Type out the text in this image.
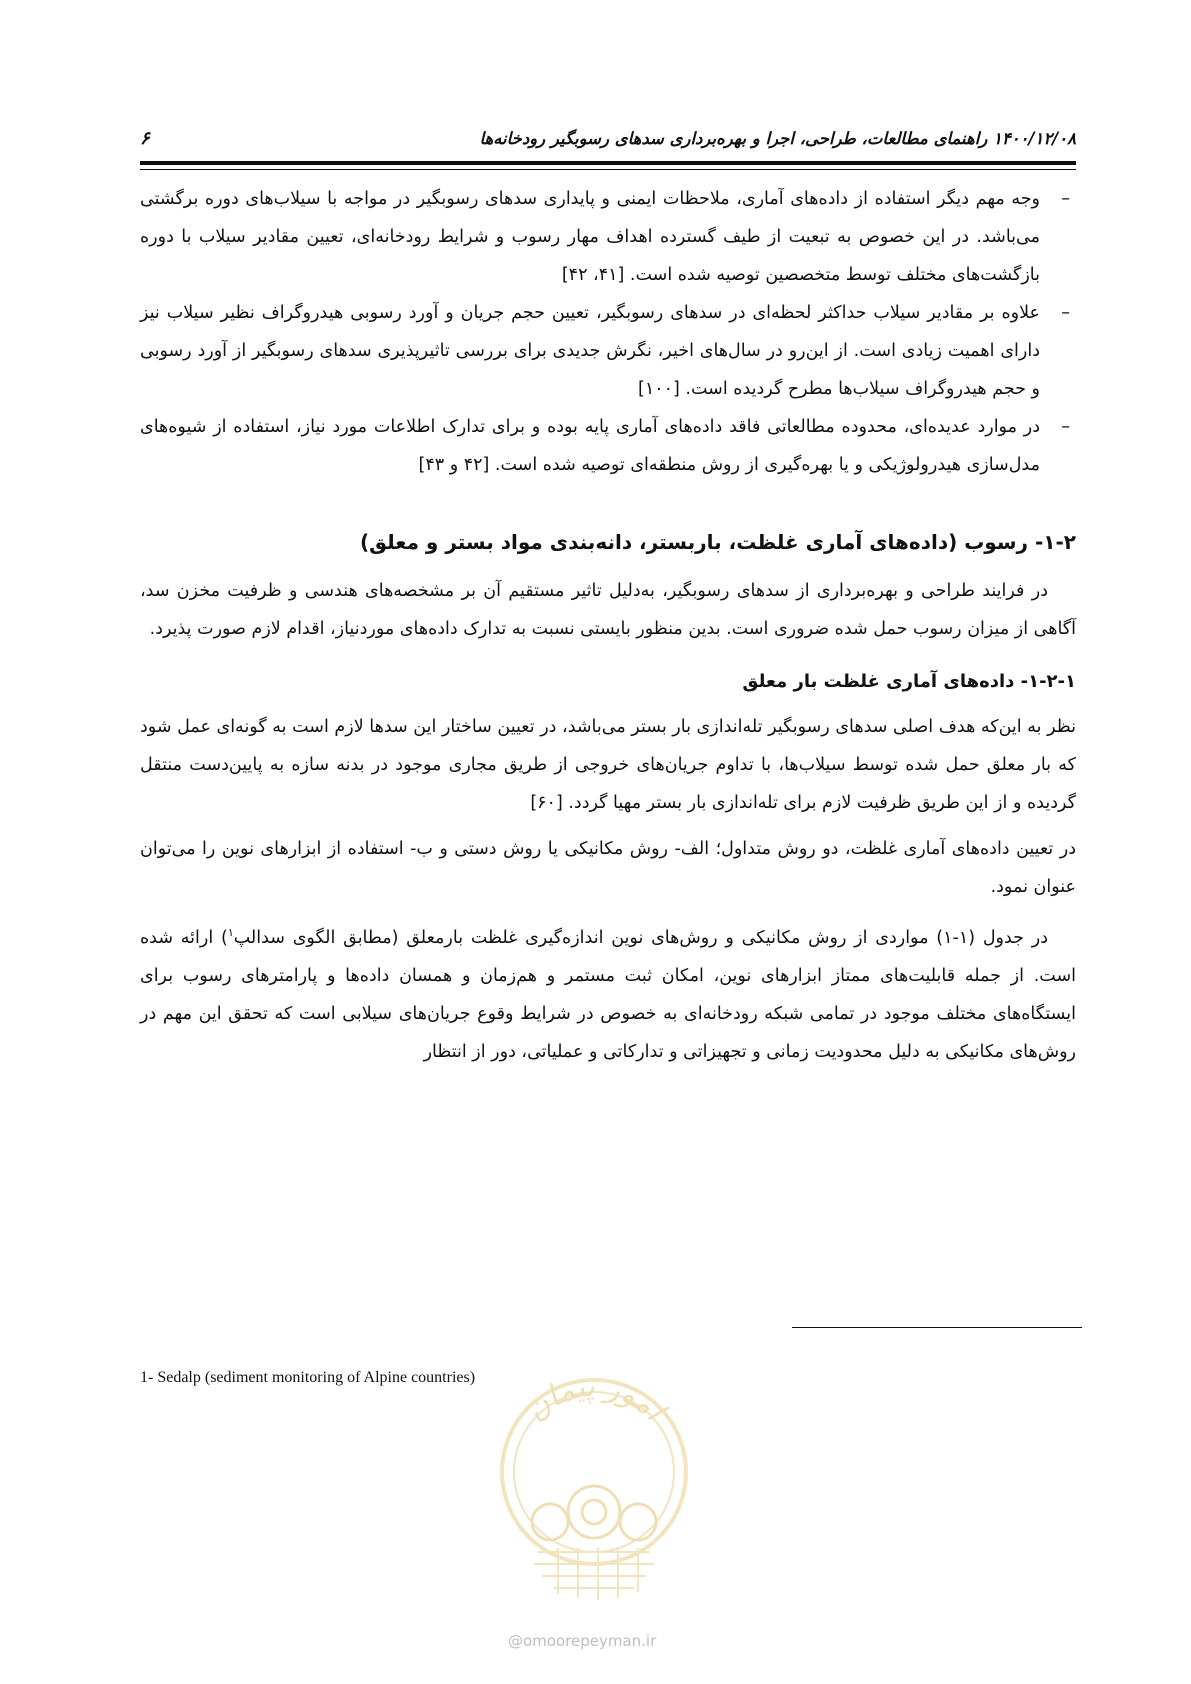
۶	۱۴۰۰/۱۲/۰۸ راهنمای مطالعات، طراحی، اجرا و بهره‌برداری سدهای رسوبگیر رودخانه‌ها
–
وجه مهم دیگر استفاده از داده‌های آماری، ملاحظات ایمنی و پایداری سدهای رسوبگیر در مواجه با سیلاب‌های دوره برگشتی می‌باشد. در این خصوص به تبعیت از طیف گسترده اهداف مهار رسوب و شرایط رودخانه‌ای، تعیین مقادیر سیلاب با دوره بازگشت‌های مختلف توسط متخصصین توصیه شده است. [۴۱، ۴۲]
–
علاوه بر مقادیر سیلاب حداکثر لحظه‌ای در سدهای رسوبگیر، تعیین حجم جریان و آورد رسوبی هیدروگراف نظیر سیلاب نیز دارای اهمیت زیادی است. از این‌رو در سال‌های اخیر، نگرش جدیدی برای بررسی تاثیرپذیری سدهای رسوبگیر از آورد رسوبی و حجم هیدروگراف سیلاب‌ها مطرح گردیده است. [۱۰۰]
–
در موارد عدیده‌ای، محدوده مطالعاتی فاقد داده‌های آماری پایه بوده و برای تدارک اطلاعات مورد نیاز، استفاده از شیوه‌های مدل‌سازی هیدرولوژیکی و یا بهره‌گیری از روش منطقه‌ای توصیه شده است. [۴۲ و ۴۳]
۱-۲- رسوب (داده‌های آماری غلظت، باربستر، دانه‌بندی مواد بستر و معلق)

در فرایند طراحی و بهره‌برداری از سدهای رسوبگیر، به‌دلیل تاثیر مستقیم آن بر مشخصه‌های هندسی و ظرفیت مخزن سد، آگاهی از میزان رسوب حمل شده ضروری است. بدین منظور بایستی نسبت به تدارک داده‌های موردنیاز، اقدام لازم صورت پذیرد.

۱-۲-۱- داده‌های آماری غلظت بار معلق

نظر به این‌که هدف اصلی سدهای رسوبگیر تله‌اندازی بار بستر می‌باشد، در تعیین ساختار این سدها لازم است به گونه‌ای عمل شود که بار معلق حمل شده توسط سیلاب‌ها، با تداوم جریان‌های خروجی از طریق مجاری موجود در بدنه سازه به پایین‌دست منتقل گردیده و از این طریق ظرفیت لازم برای تله‌اندازی بار بستر مهیا گردد. [۶۰]

در تعیین داده‌های آماری غلظت، دو روش متداول؛ الف- روش مکانیکی یا روش دستی و ب- استفاده از ابزارهای نوین را می‌توان عنوان نمود.

در جدول (۱-۱) مواردی از روش مکانیکی و روش‌های نوین اندازه‌گیری غلظت بارمعلق (مطابق الگوی سدالپ$^۱$) ارائه شده است. از جمله قابلیت‌های ممتاز ابزارهای نوین، امکان ثبت مستمر و هم‌زمان و همسان داده‌ها و پارامترهای رسوب برای ایستگاه‌های مختلف موجود در تمامی شبکه رودخانه‌ای به خصوص در شرایط وقوع جریان‌های سیلابی است که تحقق این مهم در روش‌های مکانیکی به دلیل محدودیت زمانی و تجهیزاتی و تدارکاتی و عملیاتی، دور از انتظار

1- Sedalp (sediment monitoring of Alpine countries)
امور پیمان
@omoorepeyman.ir
